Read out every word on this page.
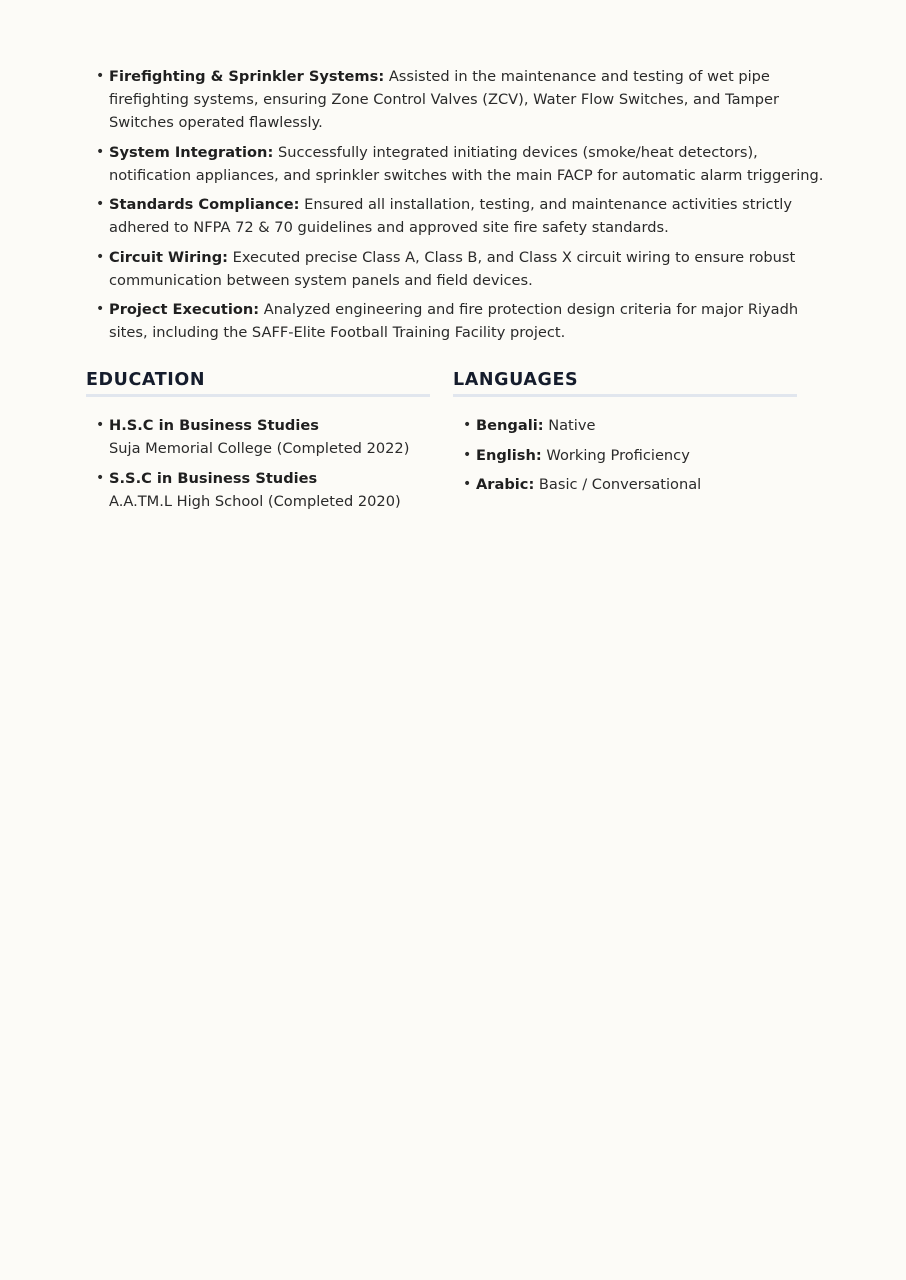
• Firefighting & Sprinkler Systems: Assisted in the maintenance and testing of wet pipe firefighting systems, ensuring Zone Control Valves (ZCV), Water Flow Switches, and Tamper Switches operated flawlessly.
• System Integration: Successfully integrated initiating devices (smoke/heat detectors), notification appliances, and sprinkler switches with the main FACP for automatic alarm triggering.
• Standards Compliance: Ensured all installation, testing, and maintenance activities strictly adhered to NFPA 72 & 70 guidelines and approved site fire safety standards.
• Circuit Wiring: Executed precise Class A, Class B, and Class X circuit wiring to ensure robust communication between system panels and field devices.
• Project Execution: Analyzed engineering and fire protection design criteria for major Riyadh sites, including the SAFF-Elite Football Training Facility project.
EDUCATION
• H.S.C in Business Studies
Suja Memorial College (Completed 2022)
• S.S.C in Business Studies
A.A.TM.L High School (Completed 2020)
LANGUAGES
• Bengali: Native
• English: Working Proficiency
• Arabic: Basic / Conversational
